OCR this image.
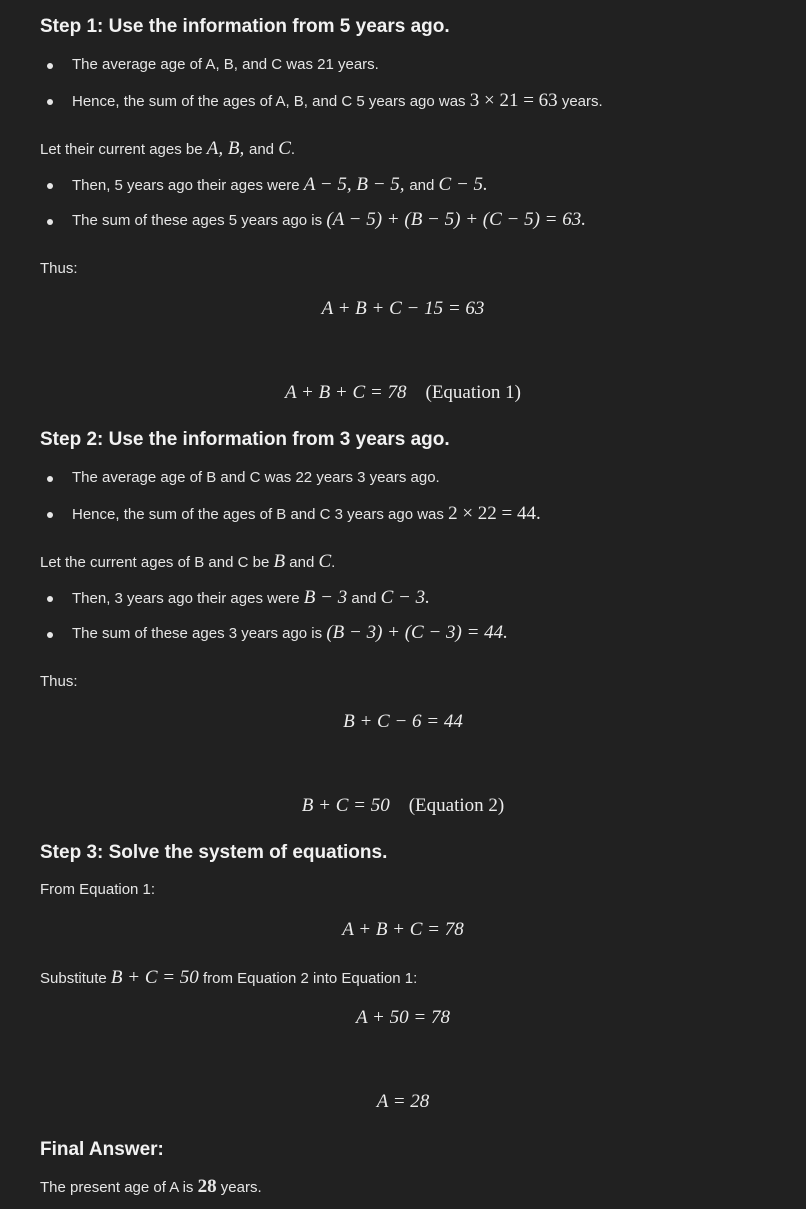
Step 1: Use the information from 5 years ago.
The average age of A, B, and C was 21 years.
Hence, the sum of the ages of A, B, and C 5 years ago was 3 × 21 = 63 years.
Let their current ages be A, B, and C.
Then, 5 years ago their ages were A − 5, B − 5, and C − 5.
The sum of these ages 5 years ago is (A − 5) + (B − 5) + (C − 5) = 63.
Thus:
A + B + C − 15 = 63
A + B + C = 78 (Equation 1)
Step 2: Use the information from 3 years ago.
The average age of B and C was 22 years 3 years ago.
Hence, the sum of the ages of B and C 3 years ago was 2 × 22 = 44.
Let the current ages of B and C be B and C.
Then, 3 years ago their ages were B − 3 and C − 3.
The sum of these ages 3 years ago is (B − 3) + (C − 3) = 44.
Thus:
B + C − 6 = 44
B + C = 50 (Equation 2)
Step 3: Solve the system of equations.
From Equation 1:
A + B + C = 78
Substitute B + C = 50 from Equation 2 into Equation 1:
A + 50 = 78
A = 28
Final Answer:
The present age of A is 28 years.
